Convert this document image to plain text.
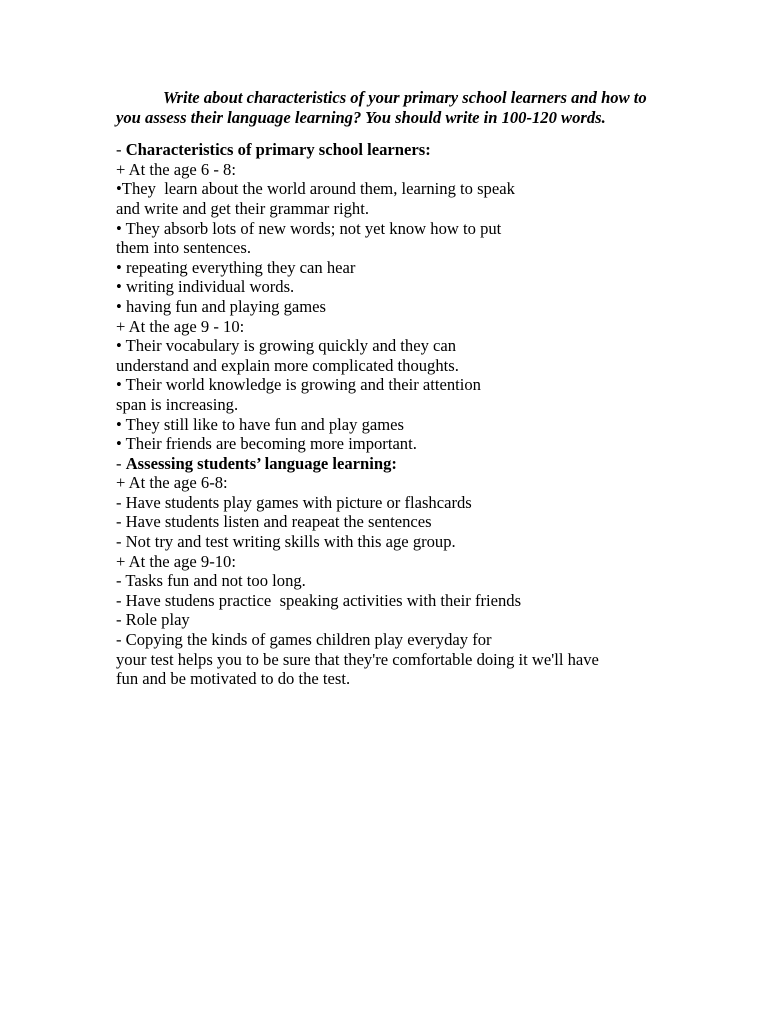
Write about characteristics of your primary school learners and how to you assess their language learning? You should write in 100-120 words.
- Characteristics of primary school learners:
+ At the age 6 - 8:
•They  learn about the world around them, learning to speak
and write and get their grammar right.
• They absorb lots of new words; not yet know how to put
them into sentences.
• repeating everything they can hear
• writing individual words.
• having fun and playing games
+ At the age 9 - 10:
• Their vocabulary is growing quickly and they can
understand and explain more complicated thoughts.
• Their world knowledge is growing and their attention
span is increasing.
• They still like to have fun and play games
• Their friends are becoming more important.
- Assessing students’ language learning:
+ At the age 6-8:
- Have students play games with picture or flashcards
- Have students listen and reapeat the sentences
- Not try and test writing skills with this age group.
+ At the age 9-10:
- Tasks fun and not too long.
- Have studens practice  speaking activities with their friends
- Role play
- Copying the kinds of games children play everyday for
your test helps you to be sure that they're comfortable doing it we'll have
fun and be motivated to do the test.
